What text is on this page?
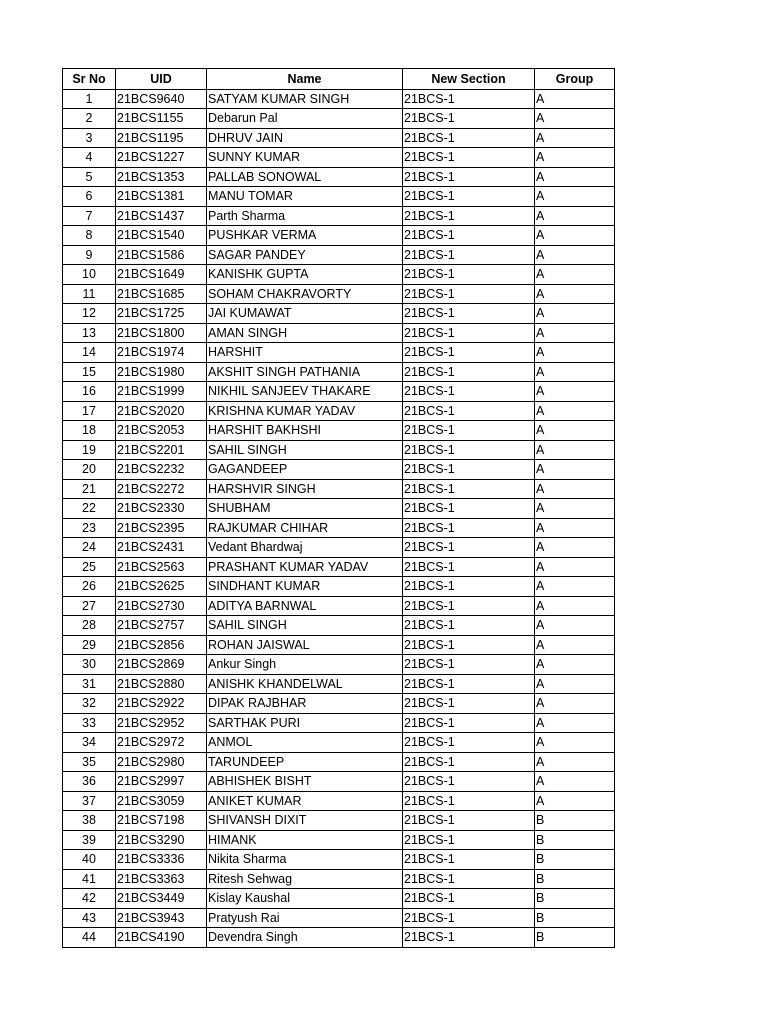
Sr No	UID	Name	New Section	Group
1	21BCS9640	SATYAM KUMAR SINGH	21BCS-1	A
2	21BCS1155	Debarun Pal	21BCS-1	A
3	21BCS1195	DHRUV JAIN	21BCS-1	A
4	21BCS1227	SUNNY KUMAR	21BCS-1	A
5	21BCS1353	PALLAB SONOWAL	21BCS-1	A
6	21BCS1381	MANU TOMAR	21BCS-1	A
7	21BCS1437	Parth Sharma	21BCS-1	A
8	21BCS1540	PUSHKAR VERMA	21BCS-1	A
9	21BCS1586	SAGAR PANDEY	21BCS-1	A
10	21BCS1649	KANISHK GUPTA	21BCS-1	A
11	21BCS1685	SOHAM CHAKRAVORTY	21BCS-1	A
12	21BCS1725	JAI KUMAWAT	21BCS-1	A
13	21BCS1800	AMAN SINGH	21BCS-1	A
14	21BCS1974	HARSHIT	21BCS-1	A
15	21BCS1980	AKSHIT SINGH PATHANIA	21BCS-1	A
16	21BCS1999	NIKHIL SANJEEV THAKARE	21BCS-1	A
17	21BCS2020	KRISHNA KUMAR YADAV	21BCS-1	A
18	21BCS2053	HARSHIT BAKHSHI	21BCS-1	A
19	21BCS2201	SAHIL SINGH	21BCS-1	A
20	21BCS2232	GAGANDEEP	21BCS-1	A
21	21BCS2272	HARSHVIR SINGH	21BCS-1	A
22	21BCS2330	SHUBHAM	21BCS-1	A
23	21BCS2395	RAJKUMAR CHIHAR	21BCS-1	A
24	21BCS2431	Vedant Bhardwaj	21BCS-1	A
25	21BCS2563	PRASHANT KUMAR YADAV	21BCS-1	A
26	21BCS2625	SINDHANT KUMAR	21BCS-1	A
27	21BCS2730	ADITYA BARNWAL	21BCS-1	A
28	21BCS2757	SAHIL SINGH	21BCS-1	A
29	21BCS2856	ROHAN JAISWAL	21BCS-1	A
30	21BCS2869	Ankur Singh	21BCS-1	A
31	21BCS2880	ANISHK KHANDELWAL	21BCS-1	A
32	21BCS2922	DIPAK RAJBHAR	21BCS-1	A
33	21BCS2952	SARTHAK PURI	21BCS-1	A
34	21BCS2972	ANMOL	21BCS-1	A
35	21BCS2980	TARUNDEEP	21BCS-1	A
36	21BCS2997	ABHISHEK BISHT	21BCS-1	A
37	21BCS3059	ANIKET KUMAR	21BCS-1	A
38	21BCS7198	SHIVANSH DIXIT	21BCS-1	B
39	21BCS3290	HIMANK	21BCS-1	B
40	21BCS3336	Nikita Sharma	21BCS-1	B
41	21BCS3363	Ritesh Sehwag	21BCS-1	B
42	21BCS3449	Kislay Kaushal	21BCS-1	B
43	21BCS3943	Pratyush Rai	21BCS-1	B
44	21BCS4190	Devendra Singh	21BCS-1	B
